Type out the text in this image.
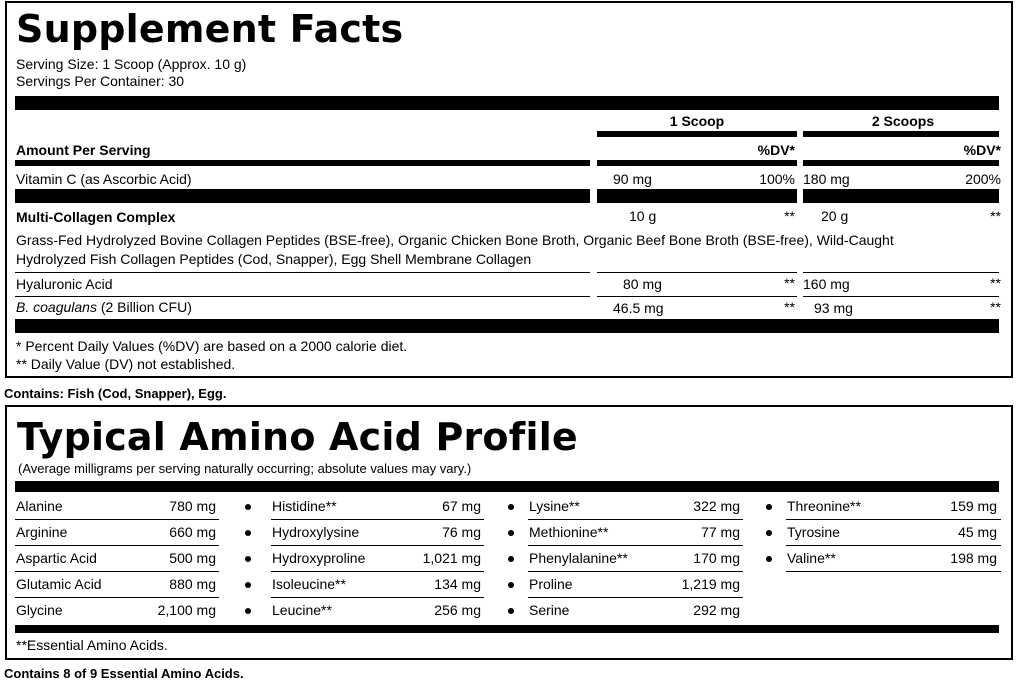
Supplement Facts
Serving Size: 1 Scoop (Approx. 10 g)
Servings Per Container: 30
1 Scoop	2 Scoops
Amount Per Serving	%DV*	%DV*
Vitamin C (as Ascorbic Acid)	90 mg	100% 180 mg	200%
Multi-Collagen Complex	10 g	** 20 g	**
Grass-Fed Hydrolyzed Bovine Collagen Peptides (BSE-free), Organic Chicken Bone Broth, Organic Beef Bone Broth (BSE-free), Wild-Caught
Hydrolyzed Fish Collagen Peptides (Cod, Snapper), Egg Shell Membrane Collagen
Hyaluronic Acid	80 mg	** 160 mg	**
B. coagulans (2 Billion CFU)	46.5 mg	** 93 mg	**
* Percent Daily Values (%DV) are based on a 2000 calorie diet.
** Daily Value (DV) not established.
Contains: Fish (Cod, Snapper), Egg.
Typical Amino Acid Profile
(Average milligrams per serving naturally occurring; absolute values may vary.)
Alanine	780 mg
Arginine	660 mg
Aspartic Acid	500 mg
Glutamic Acid	880 mg
Glycine	2,100 mg
Histidine**	67 mg
Hydroxylysine	76 mg
Hydroxyproline	1,021 mg
Isoleucine**	134 mg
Leucine**	256 mg
Lysine**	322 mg
Methionine**	77 mg
Phenylalanine**	170 mg
Proline	1,219 mg
Serine	292 mg
Threonine**	159 mg
Tyrosine	45 mg
Valine**	198 mg
**Essential Amino Acids.
Contains 8 of 9 Essential Amino Acids.
